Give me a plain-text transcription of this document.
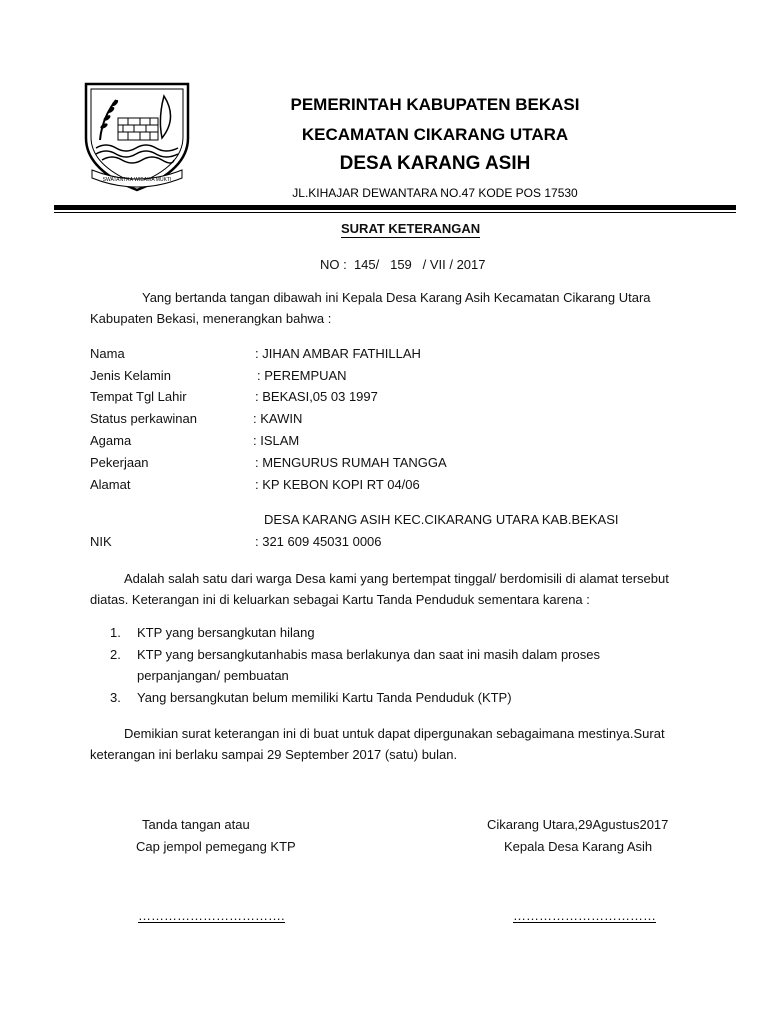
SWATANTRA WIBAWA MUKTI
PEMERINTAH KABUPATEN BEKASI
KECAMATAN CIKARANG UTARA
DESA KARANG ASIH
JL.KIHAJAR DEWANTARA NO.47 KODE POS 17530
SURAT KETERANGAN
NO :  145/   159   / VII / 2017
Yang bertanda tangan dibawah ini Kepala Desa Karang Asih Kecamatan Cikarang Utara Kabupaten Bekasi, menerangkan bahwa :
Nama	: JIHAN AMBAR FATHILLAH
Jenis Kelamin	: PEREMPUAN
Tempat Tgl Lahir	: BEKASI,05 03 1997
Status perkawinan	: KAWIN
Agama	: ISLAM
Pekerjaan	: MENGURUS RUMAH TANGGA
Alamat	: KP KEBON KOPI RT 04/06
DESA KARANG ASIH KEC.CIKARANG UTARA KAB.BEKASI
NIK	: 321 609 45031 0006
Adalah salah satu dari warga Desa kami yang bertempat tinggal/ berdomisili di alamat tersebut diatas. Keterangan ini di keluarkan sebagai Kartu Tanda Penduduk sementara karena :
1. KTP yang bersangkutan hilang
2. KTP yang bersangkutanhabis masa berlakunya dan saat ini masih dalam proses perpanjangan/ pembuatan
3. Yang bersangkutan belum memiliki Kartu Tanda Penduduk (KTP)
Demikian surat keterangan ini di buat untuk dapat dipergunakan sebagaimana mestinya.Surat keterangan ini berlaku sampai 29 September 2017 (satu) bulan.
Tanda tangan atau
Cap jempol pemegang KTP
Cikarang Utara,29Agustus2017
Kepala Desa Karang Asih
…………………………….	……………………………
